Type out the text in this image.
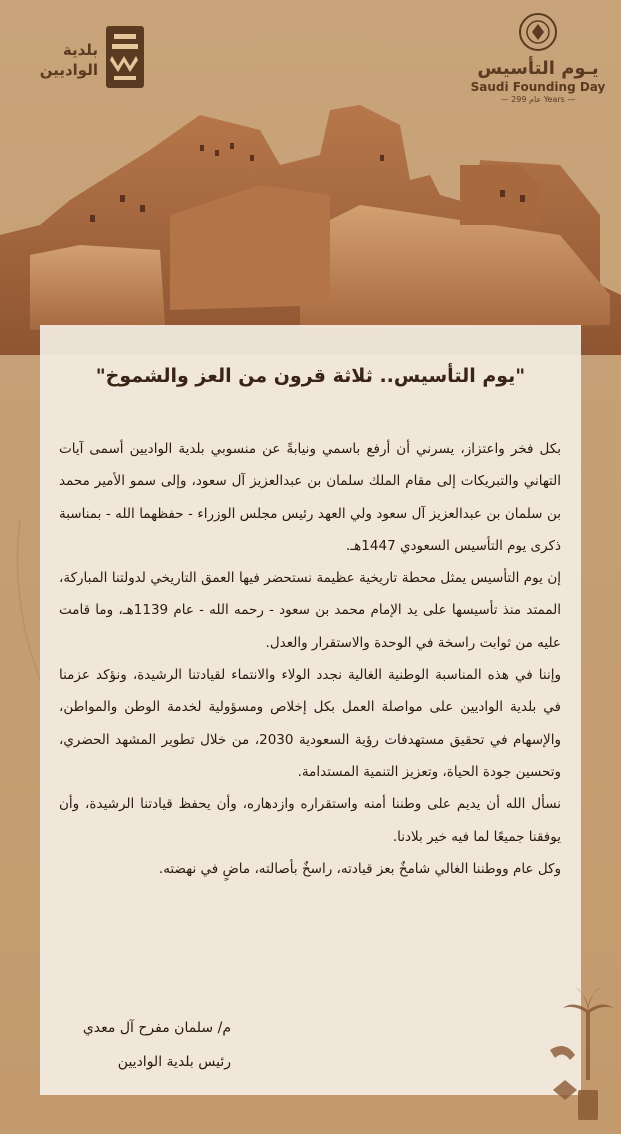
بلدية
الواديين	يـوم التأسيس
Saudi Founding Day
— عام 299 Years —
"يوم التأسيس.. ثلاثة قرون من العز والشموخ"

بكل فخر واعتزاز، يسرني أن أرفع باسمي ونيابةً عن منسوبي بلدية الواديين أسمى آيات التهاني والتبريكات إلى مقام الملك سلمان بن عبدالعزيز آل سعود، وإلى سمو الأمير محمد بن سلمان بن عبدالعزيز آل سعود ولي العهد رئيس مجلس الوزراء - حفظهما الله - بمناسبة ذكرى يوم التأسيس السعودي 1447هـ.

إن يوم التأسيس يمثل محطة تاريخية عظيمة نستحضر فيها العمق التاريخي لدولتنا المباركة، الممتد منذ تأسيسها على يد الإمام محمد بن سعود - رحمه الله - عام 1139هـ، وما قامت عليه من ثوابت راسخة في الوحدة والاستقرار والعدل.

وإننا في هذه المناسبة الوطنية الغالية نجدد الولاء والانتماء لقيادتنا الرشيدة، ونؤكد عزمنا في بلدية الواديين على مواصلة العمل بكل إخلاص ومسؤولية لخدمة الوطن والمواطن، والإسهام في تحقيق مستهدفات رؤية السعودية 2030، من خلال تطوير المشهد الحضري، وتحسين جودة الحياة، وتعزيز التنمية المستدامة.

نسأل الله أن يديم على وطننا أمنه واستقراره وازدهاره، وأن يحفظ قيادتنا الرشيدة، وأن يوفقنا جميعًا لما فيه خير بلادنا.

وكل عام ووطننا الغالي شامخٌ بعز قيادته، راسخٌ بأصالته، ماضٍ في نهضته.

م/ سلمان مفرح آل معدي
رئيس بلدية الواديين
